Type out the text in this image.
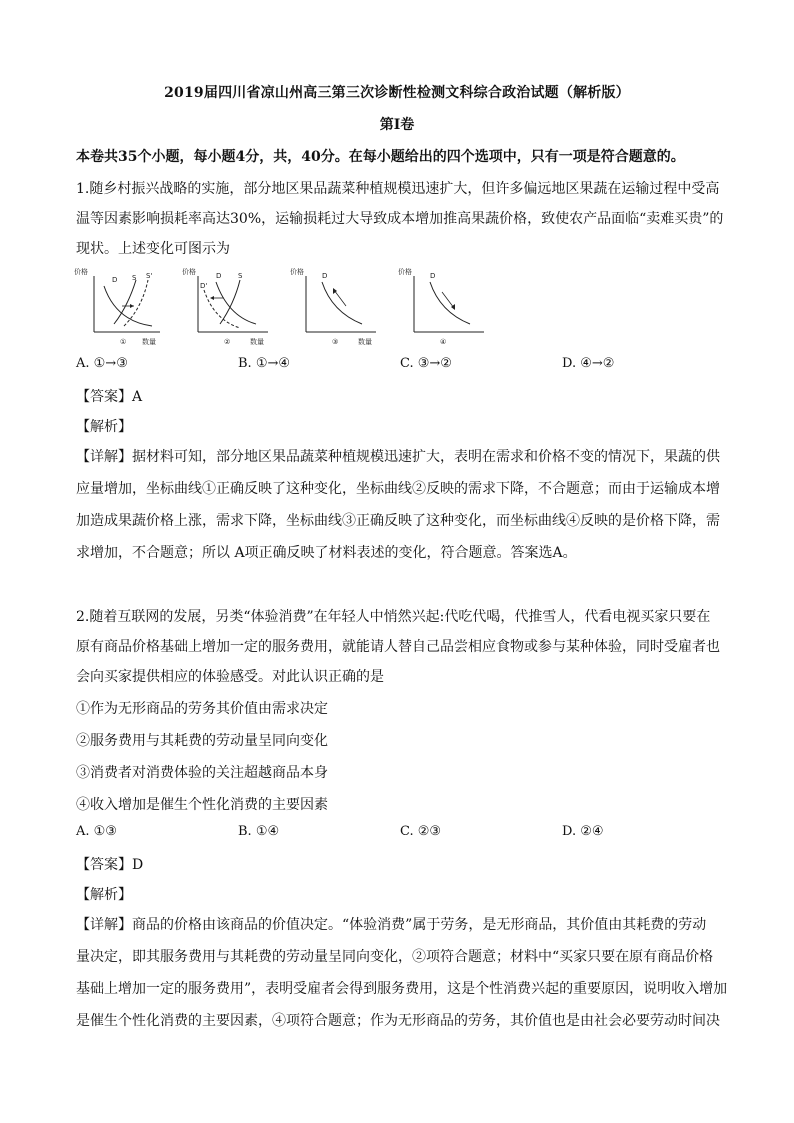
2019届四川省凉山州高三第三次诊断性检测文科综合政治试题（解析版）
第Ⅰ卷
本卷共35个小题，每小题4分，共，40分。在每小题给出的四个选项中，只有一项是符合题意的。
1.随乡村振兴战略的实施，部分地区果品蔬菜种植规模迅速扩大，但许多偏远地区果蔬在运输过程中受高
温等因素影响损耗率高达30%，运输损耗过大导致成本增加推高果蔬价格，致使农产品面临“卖难买贵”的
现状。上述变化可图示为
价格
数量
D S S'
①
价格
数量
D
D'
S
②
价格
数量
D
③
价格	D
④
A. ①→③	B. ①→④	C. ③→②	D. ④→②
【答案】A
【解析】
【详解】据材料可知，部分地区果品蔬菜种植规模迅速扩大，表明在需求和价格不变的情况下，果蔬的供
应量增加，坐标曲线①正确反映了这种变化，坐标曲线②反映的需求下降，不合题意；而由于运输成本增
加造成果蔬价格上涨，需求下降，坐标曲线③正确反映了这种变化，而坐标曲线④反映的是价格下降，需
求增加，不合题意；所以 A项正确反映了材料表述的变化，符合题意。答案选A。
2.随着互联网的发展，另类“体验消费”在年轻人中悄然兴起:代吃代喝，代推雪人，代看电视买家只要在
原有商品价格基础上增加一定的服务费用，就能请人替自己品尝相应食物或参与某种体验，同时受雇者也
会向买家提供相应的体验感受。对此认识正确的是
①作为无形商品的劳务其价值由需求决定
②服务费用与其耗费的劳动量呈同向变化
③消费者对消费体验的关注超越商品本身
④收入增加是催生个性化消费的主要因素
A. ①③	B. ①④	C. ②③	D. ②④
【答案】D
【解析】
【详解】商品的价格由该商品的价值决定。“体验消费”属于劳务，是无形商品，其价值由其耗费的劳动
量决定，即其服务费用与其耗费的劳动量呈同向变化，②项符合题意；材料中“买家只要在原有商品价格
基础上增加一定的服务费用”，表明受雇者会得到服务费用，这是个性消费兴起的重要原因，说明收入增加
是催生个性化消费的主要因素，④项符合题意；作为无形商品的劳务，其价值也是由社会必要劳动时间决
